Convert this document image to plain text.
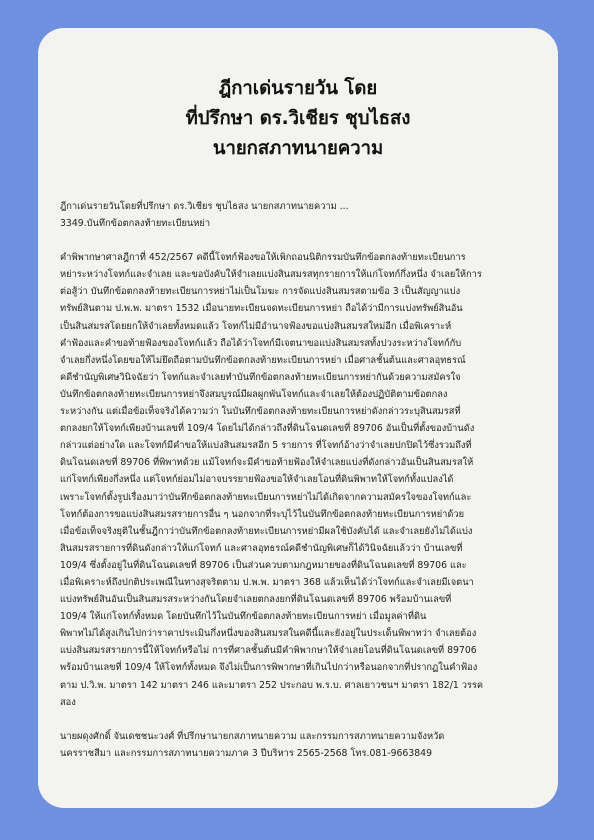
ฎีกาเด่นรายวัน โดย
ที่ปรึกษา ดร.วิเชียร ชุบไธสง
นายกสภาทนายความ
ฎีกาเด่นรายวันโดยที่ปรึกษา ดร.วิเชียร ชุบไธสง นายกสภาทนายความ ...
3349.บันทึกข้อตกลงท้ายทะเบียนหย่า
คำพิพากษาศาลฎีกาที่ 452/2567 คดีนี้โจทก์ฟ้องขอให้เพิกถอนนิติกรรมบันทึกข้อตกลงท้ายทะเบียนการ
หย่าระหว่างโจทก์และจำเลย และขอบังคับให้จำเลยแบ่งสินสมรสทุกรายการให้แก่โจทก์กึ่งหนึ่ง จำเลยให้การ
ต่อสู้ว่า บันทึกข้อตกลงท้ายทะเบียนการหย่าไม่เป็นโมฆะ การจัดแบ่งสินสมรสตามข้อ 3 เป็นสัญญาแบ่ง
ทรัพย์สินตาม ป.พ.พ. มาตรา 1532 เมื่อนายทะเบียนจดทะเบียนการหย่า ถือได้ว่ามีการแบ่งทรัพย์สินอัน
เป็นสินสมรสโดยยกให้จำเลยทั้งหมดแล้ว โจทก์ไม่มีอำนาจฟ้องขอแบ่งสินสมรสใหม่อีก เมื่อพิเคราะห์
คำฟ้องและคำขอท้ายฟ้องของโจทก์แล้ว ถือได้ว่าโจทก์มีเจตนาขอแบ่งสินสมรสทั้งปวงระหว่างโจทก์กับ
จำเลยกึ่งหนึ่งโดยขอให้ไม่ยึดถือตามบันทึกข้อตกลงท้ายทะเบียนการหย่า เมื่อศาลชั้นต้นและศาลอุทธรณ์
คดีชำนัญพิเศษวินิจฉัยว่า โจทก์และจำเลยทำบันทึกข้อตกลงท้ายทะเบียนการหย่ากันด้วยความสมัครใจ
บันทึกข้อตกลงท้ายทะเบียนการหย่าจึงสมบูรณ์มีผลผูกพันโจทก์และจำเลยให้ต้องปฏิบัติตามข้อตกลง
ระหว่างกัน แต่เมื่อข้อเท็จจริงได้ความว่า ในบันทึกข้อตกลงท้ายทะเบียนการหย่าดังกล่าวระบุสินสมรสที่
ตกลงยกให้โจทก์เพียงบ้านเลขที่ 109/4 โดยไม่ได้กล่าวถึงที่ดินโฉนดเลขที่ 89706 อันเป็นที่ตั้งของบ้านดัง
กล่าวแต่อย่างใด และโจทก์มีคำขอให้แบ่งสินสมรสอีก 5 รายการ ที่โจทก์อ้างว่าจำเลยปกปิดไว้ซึ่งรวมถึงที่
ดินโฉนดเลขที่ 89706 ที่พิพาทด้วย แม้โจทก์จะมีคำขอท้ายฟ้องให้จำเลยแบ่งที่ดังกล่าวอันเป็นสินสมรสให้
แก่โจทก์เพียงกึ่งหนึ่ง แต่โจทก์ย่อมไม่อาจบรรยายฟ้องขอให้จำเลยโอนที่ดินพิพาทให้โจทก์ทั้งแปลงได้
เพราะโจทก์ตั้งรูปเรื่องมาว่าบันทึกข้อตกลงท้ายทะเบียนการหย่าไม่ได้เกิดจากความสมัครใจของโจทก์และ
โจทก์ต้องการขอแบ่งสินสมรสรายการอื่น ๆ นอกจากที่ระบุไว้ในบันทึกข้อตกลงท้ายทะเบียนการหย่าด้วย
เมื่อข้อเท็จจริงยุติในชั้นฎีกาว่าบันทึกข้อตกลงท้ายทะเบียนการหย่ามีผลใช้บังคับได้ และจำเลยยังไม่ได้แบ่ง
สินสมรสรายการที่ดินดังกล่าวให้แก่โจทก์ และศาลอุทธรณ์คดีชำนัญพิเศษก็ได้วินิจฉัยแล้วว่า บ้านเลขที่
109/4 ซึ่งตั้งอยู่ในที่ดินโฉนดเลขที่ 89706 เป็นส่วนควบตามกฎหมายของที่ดินโฉนดเลขที่ 89706 และ
เมื่อพิเคราะห์ถึงปกติประเพณีในทางสุจริตตาม ป.พ.พ. มาตรา 368 แล้วเห็นได้ว่าโจทก์และจำเลยมีเจตนา
แบ่งทรัพย์สินอันเป็นสินสมรสระหว่างกันโดยจำเลยตกลงยกที่ดินโฉนดเลขที่ 89706 พร้อมบ้านเลขที่
109/4 ให้แก่โจทก์ทั้งหมด โดยบันทึกไว้ในบันทึกข้อตกลงท้ายทะเบียนการหย่า เมื่อมูลค่าที่ดิน
พิพาทไม่ได้สูงเกินไปกว่าราคาประเมินกึ่งหนึ่งของสินสมรสในคดีนี้และยังอยู่ในประเด็นพิพาทว่า จำเลยต้อง
แบ่งสินสมรสรายการนี้ให้โจทก์หรือไม่ การที่ศาลชั้นต้นมีคำพิพากษาให้จำเลยโอนที่ดินโฉนดเลขที่ 89706
พร้อมบ้านเลขที่ 109/4 ให้โจทก์ทั้งหมด จึงไม่เป็นการพิพากษาที่เกินไปกว่าหรือนอกจากที่ปรากฏในคำฟ้อง
ตาม ป.วิ.พ. มาตรา 142 มาตรา 246 และมาตรา 252 ประกอบ พ.ร.บ. ศาลเยาวชนฯ มาตรา 182/1 วรรค
สอง
นายผดุงศักดิ์ จันเดชชนะวงศ์ ที่ปรึกษานายกสภาทนายความ และกรรมการสภาทนายความจังหวัด
นครราชสีมา และกรรมการสภาทนายความภาค 3 ปีบริหาร 2565-2568 โทร.081-9663849
